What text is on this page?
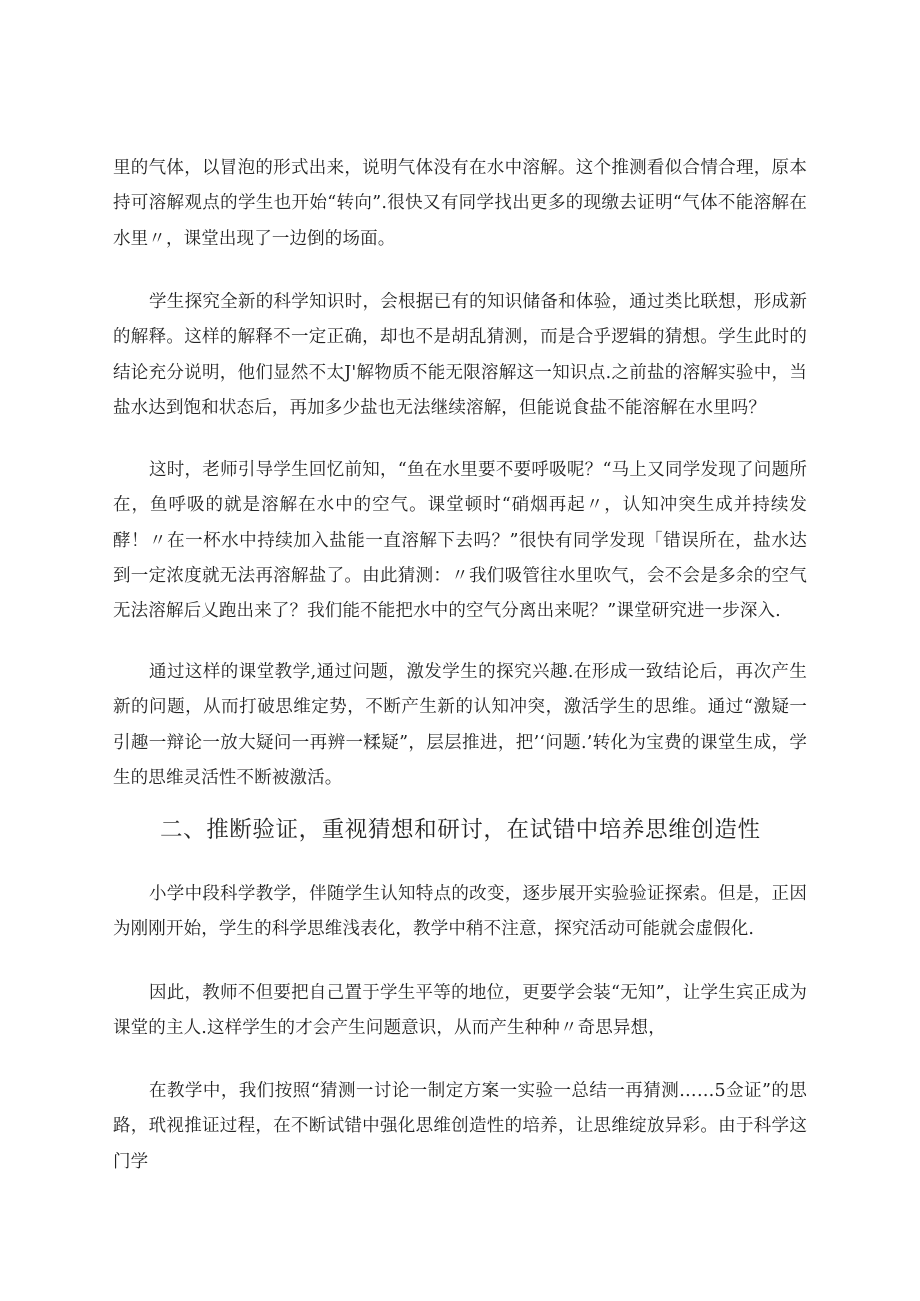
里的气体，以冒泡的形式出来，说明气体没有在水中溶解。这个推测看似合情合理，原本持可溶解观点的学生也开始“转向”.很快又有同学找出更多的现缴去证明“气体不能溶解在水里〃，课堂出现了一边倒的场面。

学生探究全新的科学知识时，会根据已有的知识储备和体验，通过类比联想，形成新的解释。这样的解释不一定正确，却也不是胡乱猜测，而是合乎逻辑的猜想。学生此时的结论充分说明，他们显然不太J'解物质不能无限溶解这一知识点.之前盐的溶解实验中，当盐水达到饱和状态后，再加多少盐也无法继续溶解，但能说食盐不能溶解在水里吗？

这时，老师引导学生回忆前知，“鱼在水里要不要呼吸呢？“马上又同学发现了问题所在，鱼呼吸的就是溶解在水中的空气。课堂顿时“硝烟再起〃，认知冲突生成并持续发酵！〃在一杯水中持续加入盐能一直溶解下去吗？”很快有同学发现「错误所在，盐水达到一定浓度就无法再溶解盐了。由此猜测：〃我们吸管往水里吹气，会不会是多余的空气无法溶解后乂跑出来了？我们能不能把水中的空气分离出来呢？”课堂研究进一步深入.

通过这样的课堂教学,通过问题，激发学生的探究兴趣.在形成一致结论后，再次产生新的问题，从而打破思维定势，不断产生新的认知冲突，激活学生的思维。通过“激疑一引趣一辩论一放大疑问一再辨一糅疑”，层层推进，把’‘问题.’转化为宝费的课堂生成，学生的思维灵活性不断被激活。

二、推断验证，重视猜想和研讨，在试错中培养思维创造性

小学中段科学教学，伴随学生认知特点的改变，逐步展开实验验证探索。但是，正因为刚刚开始，学生的科学思维浅表化，教学中稍不注意，探究活动可能就会虚假化.

因此，教师不但要把自己置于学生平等的地位，更要学会装“无知”，让学生宾正成为课堂的主人.这样学生的才会产生问题意识，从而产生种种〃奇思异想，

在教学中，我们按照“猜测一讨论一制定方案一实验一总结一再猜测……5佥证”的思路，玳视推证过程，在不断试错中强化思维创造性的培养，让思维绽放异彩。由于科学这门学
